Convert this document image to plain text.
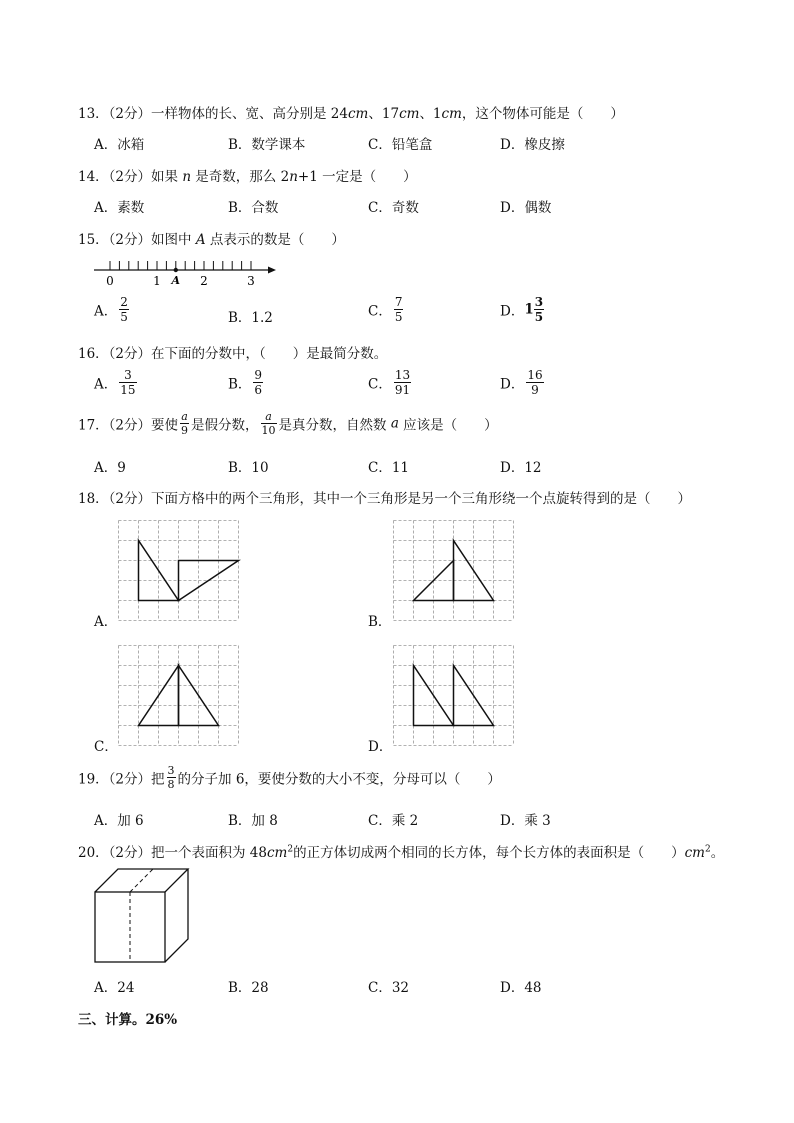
13．（2分）一样物体的长、宽、高分别是 24cm、17cm、1cm，这个物体可能是（　　）
A．冰箱	B．数学课本	C．铅笔盒	D．橡皮擦
14．（2分）如果 n 是奇数，那么 2n+1 一定是（　　）
A．素数	B．合数	C．奇数	D．偶数
15．（2分）如图中 A 点表示的数是（　　）
0	1 A 2	3
A． $\frac{2}{5}$	B．1.2	C． $\frac{7}{5}$	D．$1 \frac{3}{5}$
16．（2分）在下面的分数中，（　　）是最简分数。
A． $\frac{3}{15}$	B． $\frac{9}{6}$	C． $\frac{13}{91}$	D． $\frac{16}{9}$
17．（2分）要使 $\frac{a}{9}$ 是假分数， $\frac{a}{10}$ 是真分数，自然数 a 应该是（　　）
A．9	B．10	C．11	D．12
18．（2分）下面方格中的两个三角形，其中一个三角形是另一个三角形绕一个点旋转得到的是（　　）
A．	B．
C．	D．
19．（2分）把 $\frac{3}{8}$ 的分子加 6，要使分数的大小不变，分母可以（　　）
A．加 6	B．加 8	C．乘 2	D．乘 3
20．（2分）把一个表面积为 $48cm^2$的正方体切成两个相同的长方体，每个长方体的表面积是（　　）$cm^2$。
A．24	B．28	C．32	D．48
三、计算。26%
